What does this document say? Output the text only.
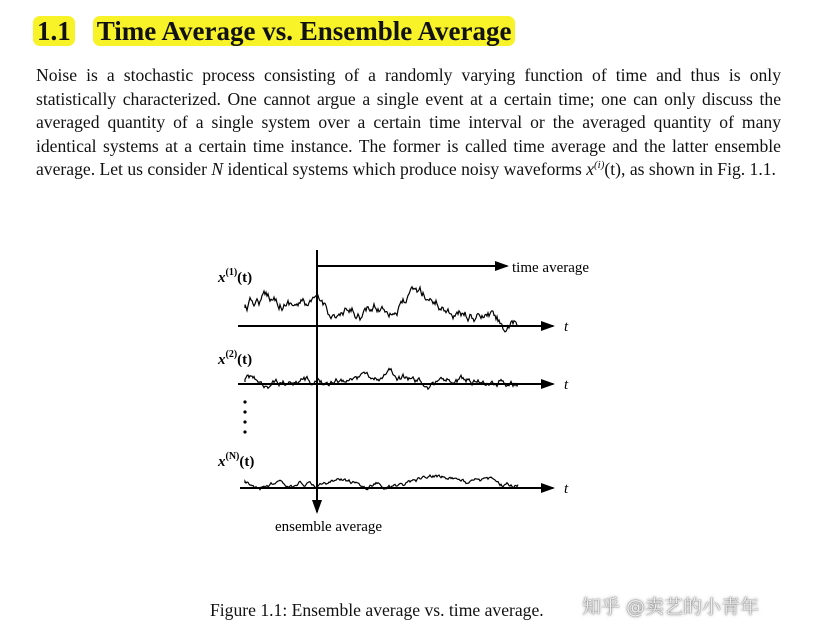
1.1 Time Average vs. Ensemble Average

Noise is a stochastic process consisting of a randomly varying function of time and thus is only statistically characterized. One cannot argue a single event at a certain time; one can only discuss the averaged quantity of a single system over a certain time interval or the averaged quantity of many identical systems at a certain time instance. The former is called time average and the latter ensemble average. Let us consider N identical systems which produce noisy waveforms $x^{(i)}(t)$, as shown in Fig. 1.1.

time average
t
t
t
$x^{(1)}(t)$
$x^{(2)}(t)$
$x^{(N)}(t)$
ensemble average

Figure 1.1: Ensemble average vs. time average. 知乎 @卖艺的小青年
